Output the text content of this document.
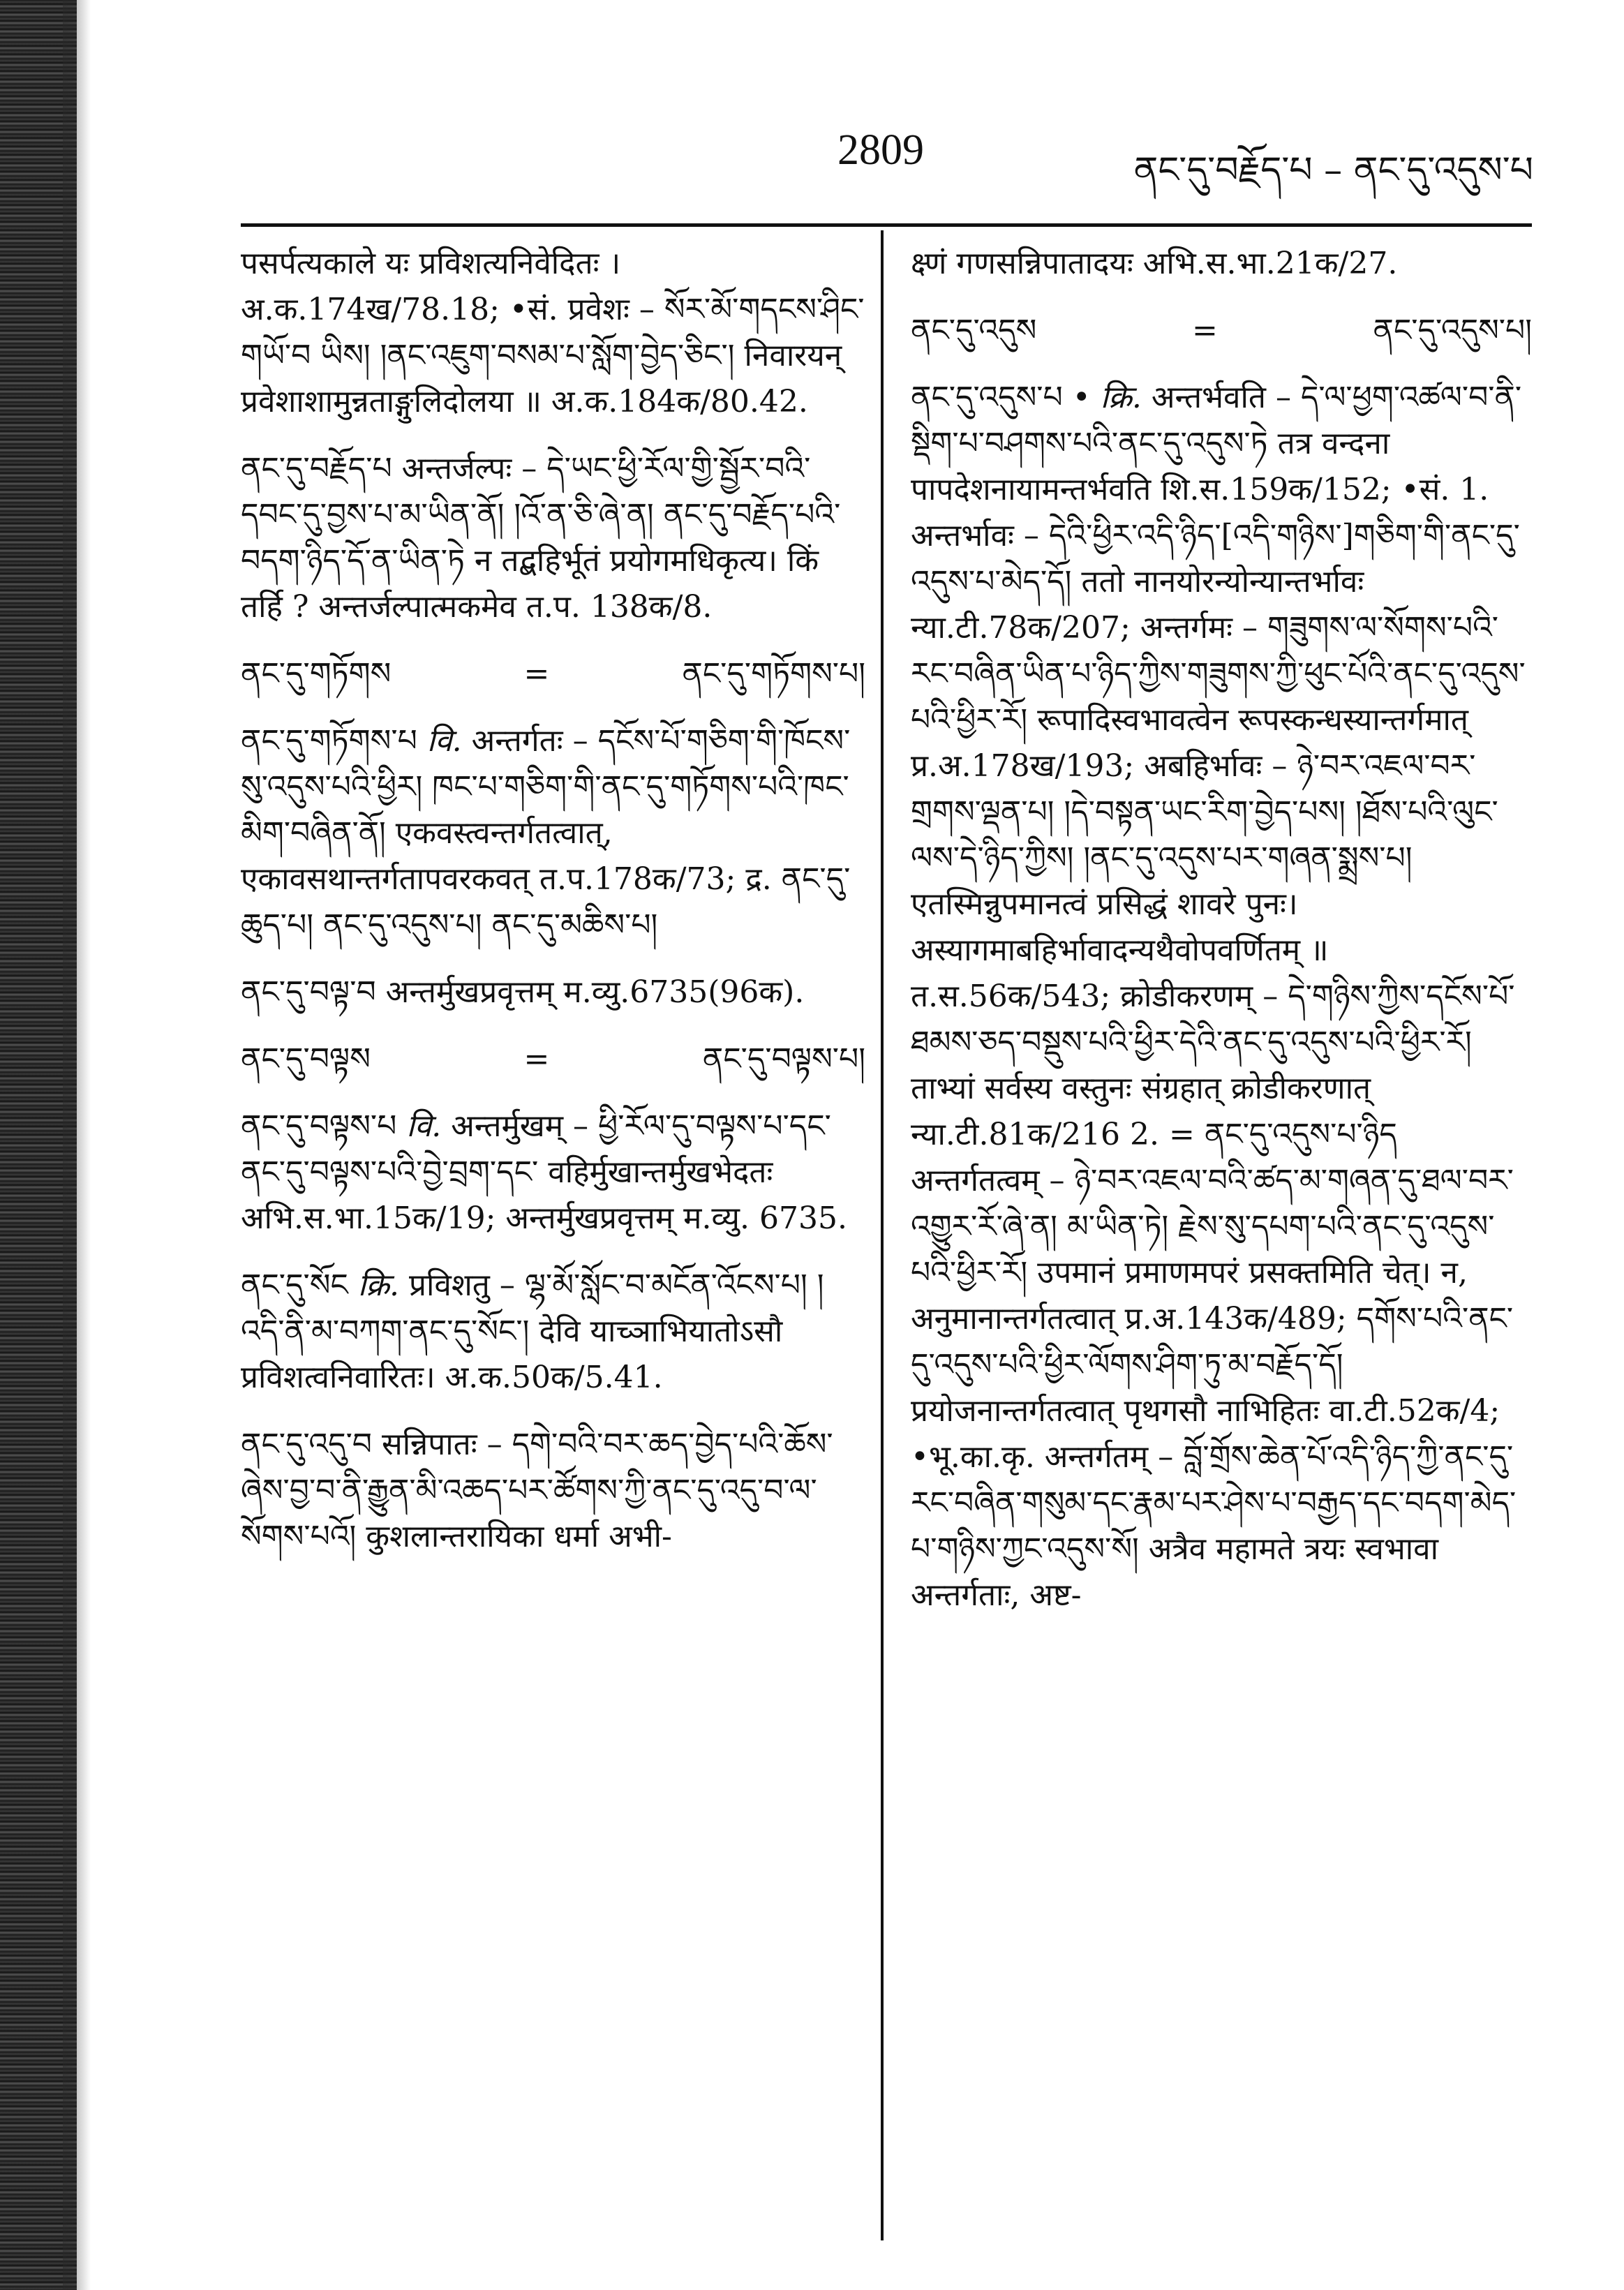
2809	ནང་དུ་བརྗོད་པ – ནང་དུ་འདུས་པ

पसर्पत्यकाले यः प्रविशत्यनिवेदितः । अ.क.174ख/78.18; •सं. प्रवेशः – སོར་མོ་གདངས་ཤིང་གཡོ་བ ཡིས། །ནང་འཇུག་བསམ་པ་སློག་བྱེད་ཅིང་། निवारयन् प्रवेशाशामुन्नताङ्गुलिदोलया ॥ अ.क.184क/80.42.

ནང་དུ་བརྗོད་པ अन्तर्जल्पः – དེ་ཡང་ཕྱི་རོལ་གྱི་སྦྱོར་བའི་དབང་དུ་བྱས་པ་མ་ཡིན་ནོ། །འོ་ན་ཅི་ཞེ་ན། ནང་དུ་བརྗོད་པའི་བདག་ཉིད་དོ་ན་ཡིན་ཏེ न तद्बहिर्भूतं प्रयोगमधिकृत्य। किं तर्हि ? अन्तर्जल्पात्मकमेव त.प. 138क/8.

ནང་དུ་གཏོགས	=	ནང་དུ་གཏོགས་པ།

ནང་དུ་གཏོགས་པ वि. अन्तर्गतः – དངོས་པོ་གཅིག་གི་ཁོངས་སུ་འདུས་པའི་ཕྱིར། ཁང་པ་གཅིག་གི་ནང་དུ་གཏོགས་པའི་ཁང་མིག་བཞིན་ནོ། एकवस्त्वन्तर्गतत्वात्, एकावसथान्तर्गतापवरकवत् त.प.178क/73; द्र. ནང་དུ་ཆུད་པ། ནང་དུ་འདུས་པ། ནང་དུ་མཆིས་པ།

ནང་དུ་བལྟ་བ अन्तर्मुखप्रवृत्तम् म.व्यु.6735(96क).

ནང་དུ་བལྟས	=	ནང་དུ་བལྟས་པ།

ནང་དུ་བལྟས་པ वि. अन्तर्मुखम् – ཕྱི་རོལ་དུ་བལྟས་པ་དང་ནང་དུ་བལྟས་པའི་བྱེ་བྲག་དང་ वहिर्मुखान्तर्मुखभेदतः अभि.स.भा.15क/19; अन्तर्मुखप्रवृत्तम् म.व्यु. 6735.

ནང་དུ་སོང क्रि. प्रविशतु – ལྷ་མོ་སློང་བ་མངོན་འོངས་པ། །འདི་ནི་མ་བཀག་ནང་དུ་སོང་། देवि याच्ञाभियातोऽसौ प्रविशत्वनिवारितः। अ.क.50क/5.41.

ནང་དུ་འདུ་བ सन्निपातः – དགེ་བའི་བར་ཆད་བྱེད་པའི་ཆོས་ཞེས་བྱ་བ་ནི་རྒྱུན་མི་འཆད་པར་ཚོགས་ཀྱི་ནང་དུ་འདུ་བ་ལ་སོགས་པའོ། कुशलान्तरायिका धर्मा अभी-

क्ष्णं गणसन्निपातादयः अभि.स.भा.21क/27.

ནང་དུ་འདུས	=	ནང་དུ་འདུས་པ།

ནང་དུ་འདུས་པ • क्रि. अन्तर्भवति – དེ་ལ་ཕྱག་འཚལ་བ་ནི་སྡིག་པ་བཤགས་པའི་ནང་དུ་འདུས་ཏེ तत्र वन्दना पापदेशनायामन्तर्भवति शि.स.159क/152; •सं. 1. अन्तर्भावः – དེའི་ཕྱིར་འདི་ཉིད་[འདི་གཉིས་]གཅིག་གི་ནང་དུ་འདུས་པ་མེད་དོ། ततो नानयोरन्योन्यान्तर्भावः न्या.टी.78क/207; अन्तर्गमः – གཟུགས་ལ་སོགས་པའི་རང་བཞིན་ཡིན་པ་ཉིད་ཀྱིས་གཟུགས་ཀྱི་ཕུང་པོའི་ནང་དུ་འདུས་པའི་ཕྱིར་རོ། रूपादिस्वभावत्वेन रूपस्कन्धस्यान्तर्गमात् प्र.अ.178ख/193; अबहिर्भावः – ཉེ་བར་འཇལ་བར་གྲགས་ལྡན་པ། །དེ་བསྟན་ཡང་རིག་བྱེད་པས། །ཐོས་པའི་ལུང་ལས་དེ་ཉིད་ཀྱིས། །ནང་དུ་འདུས་པར་གཞན་སྨྲས་པ། एतस्मिन्नुपमानत्वं प्रसिद्धं शावरे पुनः। अस्यागमाबहिर्भावादन्यथैवोपवर्णितम् ॥ त.स.56क/543; क्रोडीकरणम् – དེ་གཉིས་ཀྱིས་དངོས་པོ་ཐམས་ཅད་བསྡུས་པའི་ཕྱིར་དེའི་ནང་དུ་འདུས་པའི་ཕྱིར་རོ། ताभ्यां सर्वस्य वस्तुनः संग्रहात् क्रोडीकरणात् न्या.टी.81क/216 2. = ནང་དུ་འདུས་པ་ཉིད अन्तर्गतत्वम् – ཉེ་བར་འཇལ་བའི་ཚད་མ་གཞན་དུ་ཐལ་བར་འགྱུར་རོ་ཞེ་ན། མ་ཡིན་ཏེ། རྗེས་སུ་དཔག་པའི་ནང་དུ་འདུས་པའི་ཕྱིར་རོ། उपमानं प्रमाणमपरं प्रसक्तमिति चेत्। न, अनुमानान्तर्गतत्वात् प्र.अ.143क/489; དགོས་པའི་ནང་དུ་འདུས་པའི་ཕྱིར་ལོགས་ཤིག་ཏུ་མ་བརྗོད་དོ། प्रयोजनान्तर्गतत्वात् पृथगसौ नाभिहितः वा.टी.52क/4; •भू.का.कृ. अन्तर्गतम् – བློ་གྲོས་ཆེན་པོ་འདི་ཉིད་ཀྱི་ནང་དུ་རང་བཞིན་གསུམ་དང་རྣམ་པར་ཤེས་པ་བརྒྱད་དང་བདག་མེད་པ་གཉིས་ཀྱང་འདུས་སོ། अत्रैव महामते त्रयः स्वभावा अन्तर्गताः, अष्ट-
